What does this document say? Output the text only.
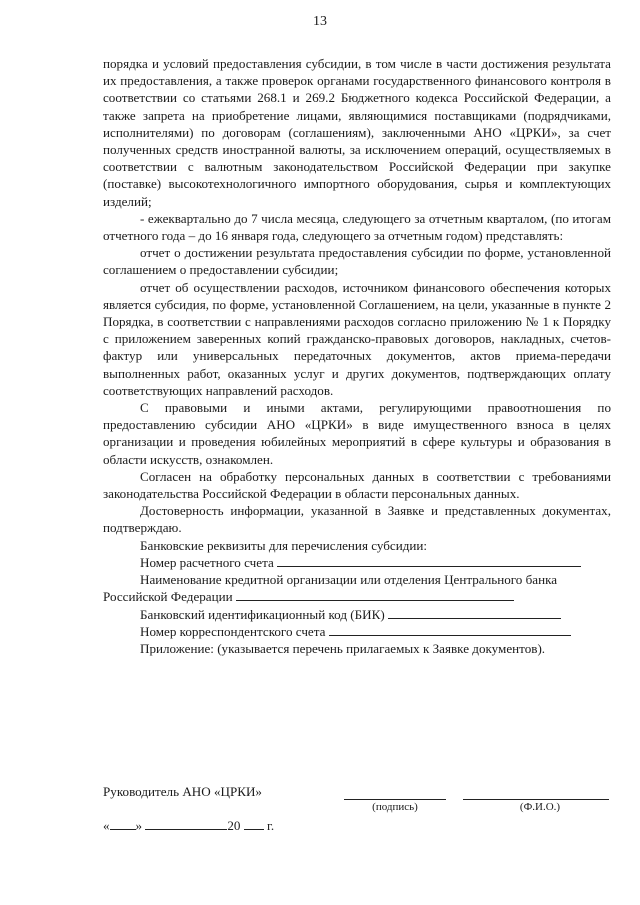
13

порядка и условий предоставления субсидии, в том числе в части достижения результата их предоставления, а также проверок органами государственного финансового контроля в соответствии со статьями 268.1 и 269.2 Бюджетного кодекса Российской Федерации, а также запрета на приобретение лицами, являющимися поставщиками (подрядчиками, исполнителями) по договорам (соглашениям), заключенными АНО «ЦРКИ», за счет полученных средств иностранной валюты, за исключением операций, осуществляемых в соответствии с валютным законодательством Российской Федерации при закупке (поставке) высокотехнологичного импортного оборудования, сырья и комплектующих изделий;

- ежеквартально до 7 числа месяца, следующего за отчетным кварталом, (по итогам отчетного года – до 16 января года, следующего за отчетным годом) представлять:

отчет о достижении результата предоставления субсидии по форме, установленной соглашением о предоставлении субсидии;

отчет об осуществлении расходов, источником финансового обеспечения которых является субсидия, по форме, установленной Соглашением, на цели, указанные в пункте 2 Порядка, в соответствии с направлениями расходов согласно приложению № 1 к Порядку с приложением заверенных копий гражданско-правовых договоров, накладных, счетов-фактур или универсальных передаточных документов, актов приема-передачи выполненных работ, оказанных услуг и других документов, подтверждающих оплату соответствующих направлений расходов.

С правовыми и иными актами, регулирующими правоотношения по предоставлению субсидии АНО «ЦРКИ» в виде имущественного взноса в целях организации и проведения юбилейных мероприятий в сфере культуры и образования в области искусств, ознакомлен.

Согласен на обработку персональных данных в соответствии с требованиями законодательства Российской Федерации в области персональных данных.

Достоверность информации, указанной в Заявке и представленных документах, подтверждаю.

Банковские реквизиты для перечисления субсидии:

Номер расчетного счета

Наименование кредитной организации или отделения Центрального банка Российской Федерации

Банковский идентификационный код (БИК)

Номер корреспондентского счета

Приложение: (указывается перечень прилагаемых к Заявке документов).

Руководитель АНО «ЦРКИ»
(подпись)	(Ф.И.О.)
« »	20 г.
